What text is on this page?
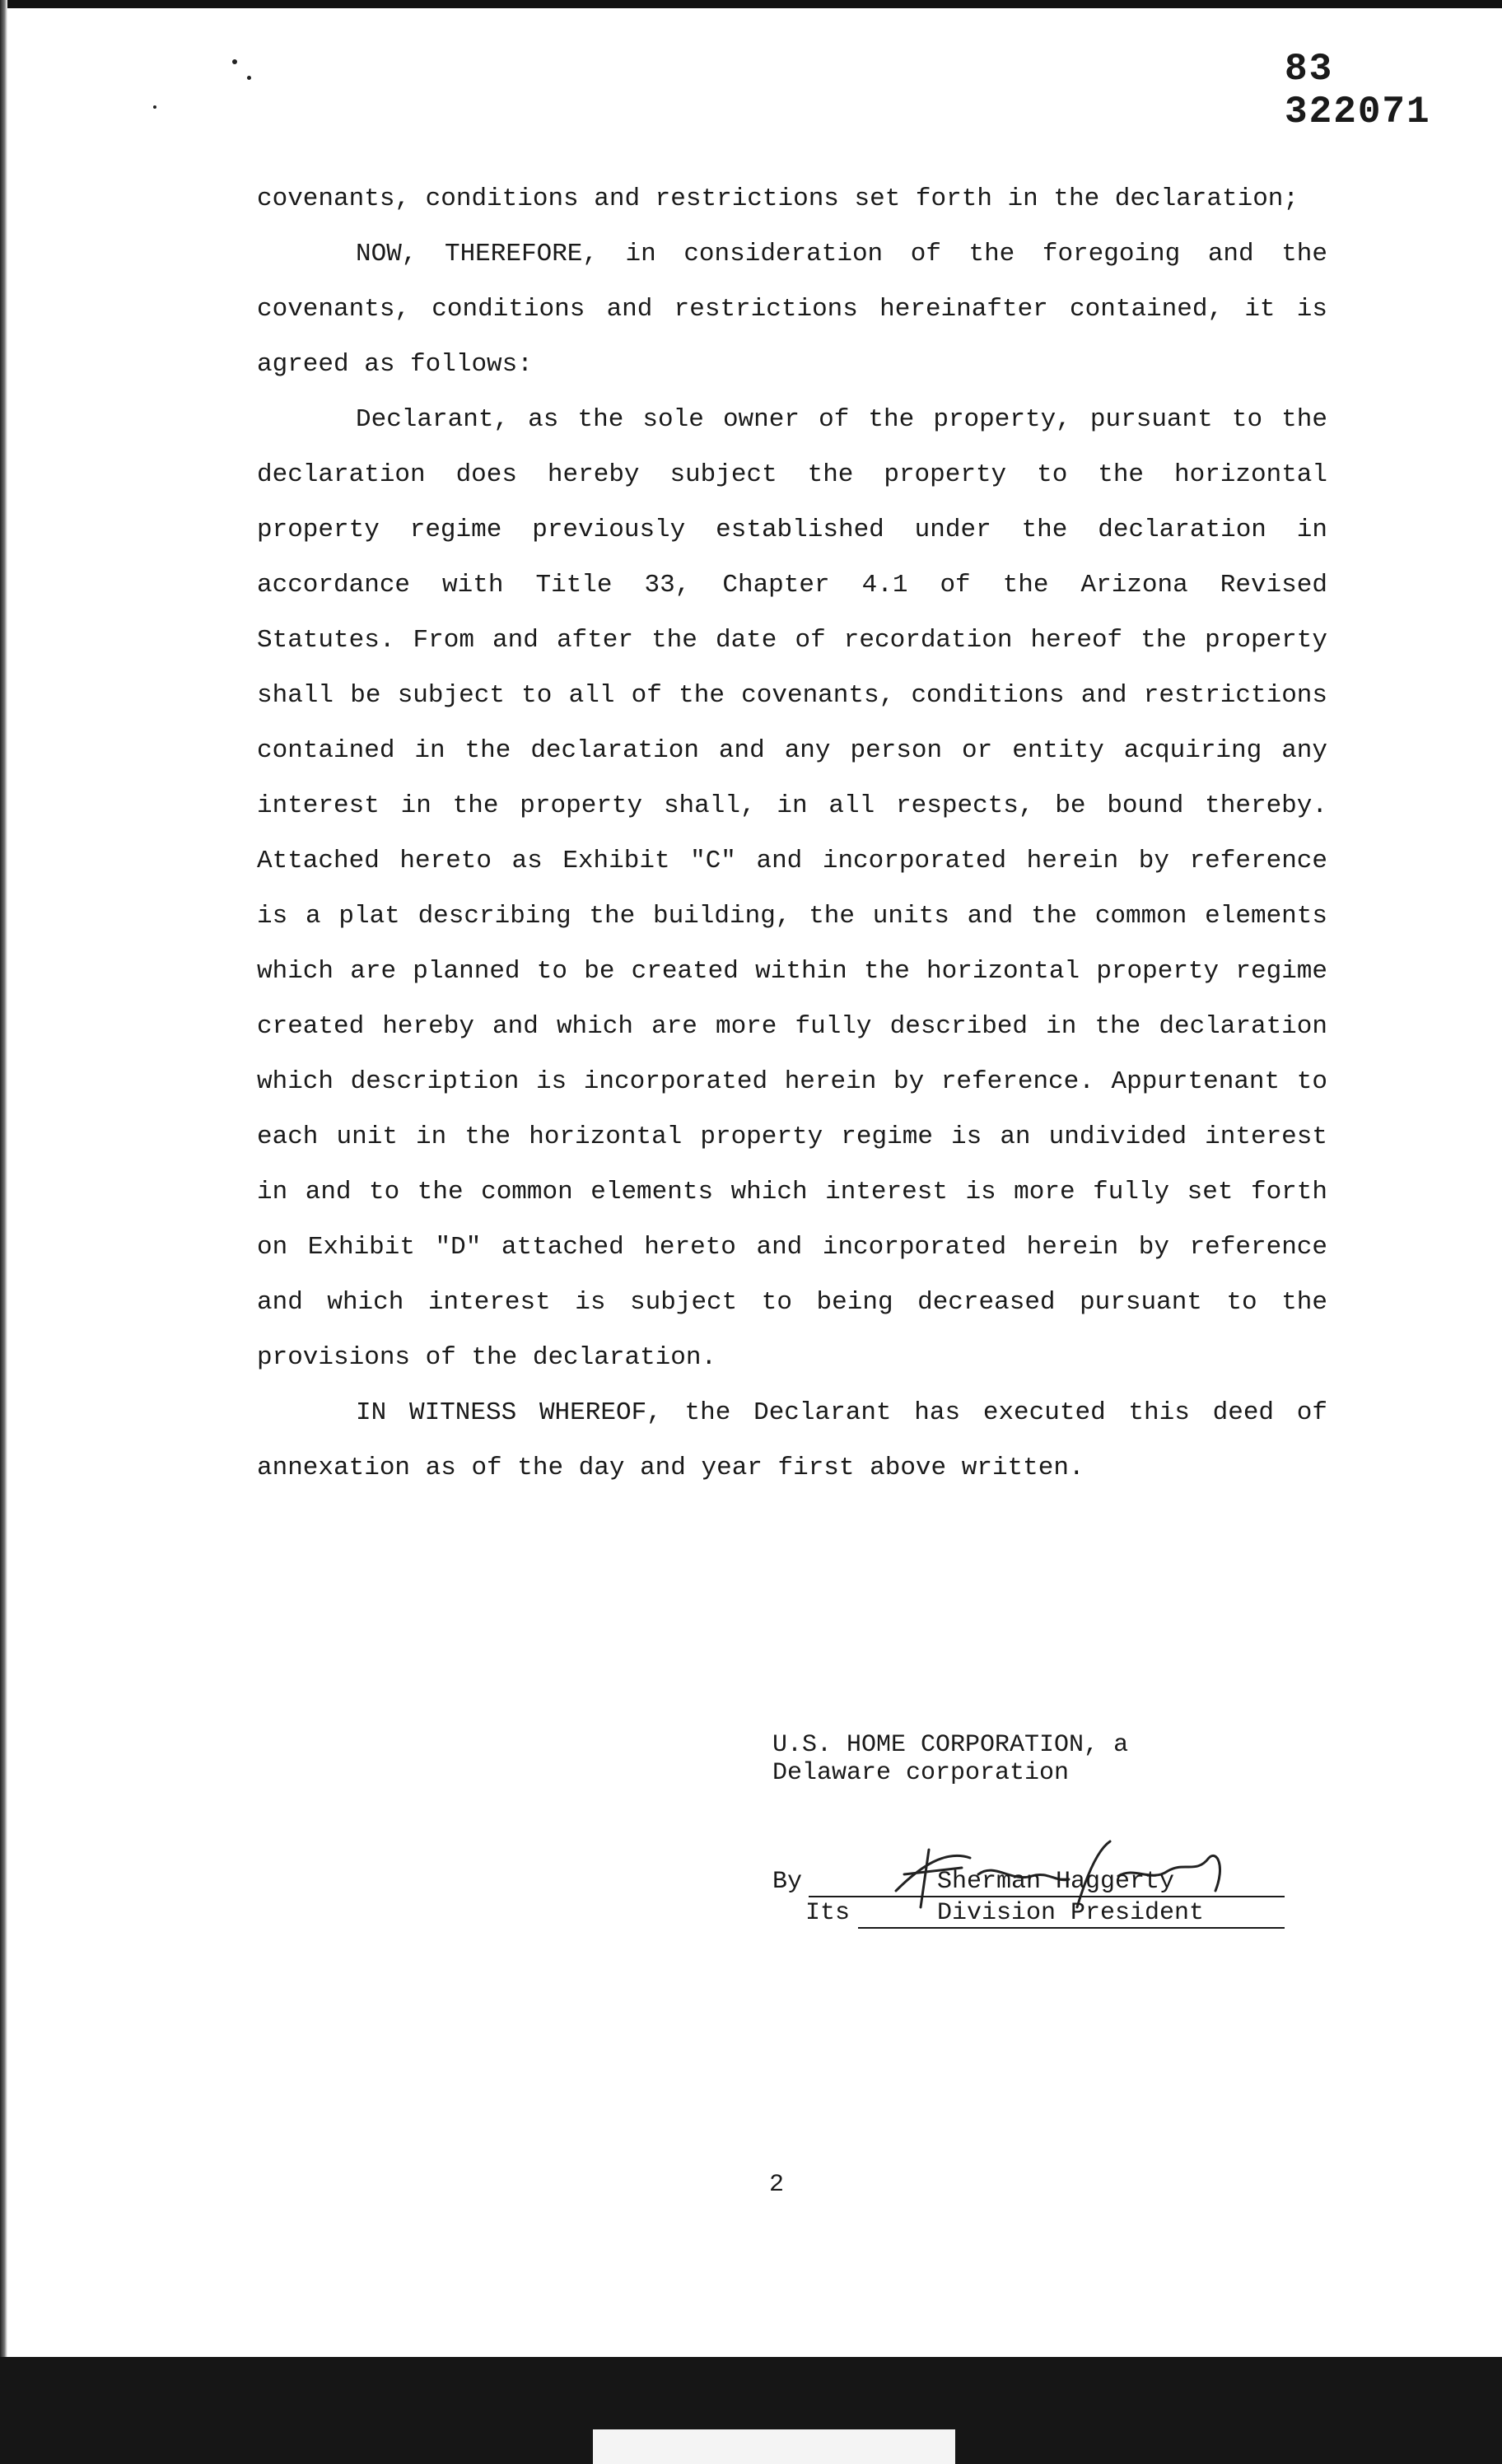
83 322071

covenants, conditions and restrictions set forth in the declaration;

NOW, THEREFORE, in consideration of the foregoing and the covenants, conditions and restrictions hereinafter contained, it is agreed as follows:

Declarant, as the sole owner of the property, pursuant to the declaration does hereby subject the property to the horizontal property regime previously established under the declaration in accordance with Title 33, Chapter 4.1 of the Arizona Revised Statutes. From and after the date of recordation hereof the property shall be subject to all of the covenants, conditions and restrictions contained in the declaration and any person or entity acquiring any interest in the property shall, in all respects, be bound thereby. Attached hereto as Exhibit "C" and incorporated herein by reference is a plat describing the building, the units and the common elements which are planned to be created within the horizontal property regime created hereby and which are more fully described in the declaration which description is incorporated herein by reference. Appurtenant to each unit in the horizontal property regime is an undivided interest in and to the common elements which interest is more fully set forth on Exhibit "D" attached hereto and incorporated herein by reference and which interest is subject to being decreased pursuant to the provisions of the declaration.

IN WITNESS WHEREOF, the Declarant has executed this deed of annexation as of the day and year first above written.

U.S. HOME CORPORATION, a
Delaware corporation
By	Sherman Haggerty
Its	Division President
2
